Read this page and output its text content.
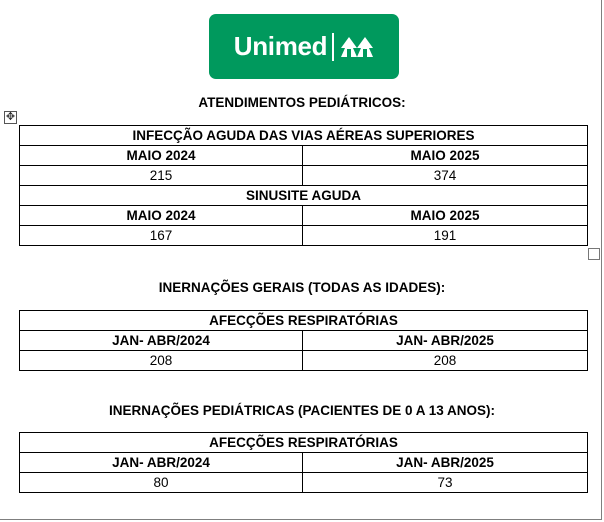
Unimed
ATENDIMENTOS PEDIÁTRICOS:
✥
INFECÇÃO AGUDA DAS VIAS AÉREAS SUPERIORES	
MAIO 2024	MAIO 2025
215	374
SINUSITE AGUDA	
MAIO 2024	MAIO 2025
167	191
INERNAÇÕES GERAIS (TODAS AS IDADES):
AFECÇÕES RESPIRATÓRIAS	
JAN- ABR/2024	JAN- ABR/2025
208	208
INERNAÇÕES PEDIÁTRICAS (PACIENTES DE 0 A 13 ANOS):
AFECÇÕES RESPIRATÓRIAS	
JAN- ABR/2024	JAN- ABR/2025
80	73
